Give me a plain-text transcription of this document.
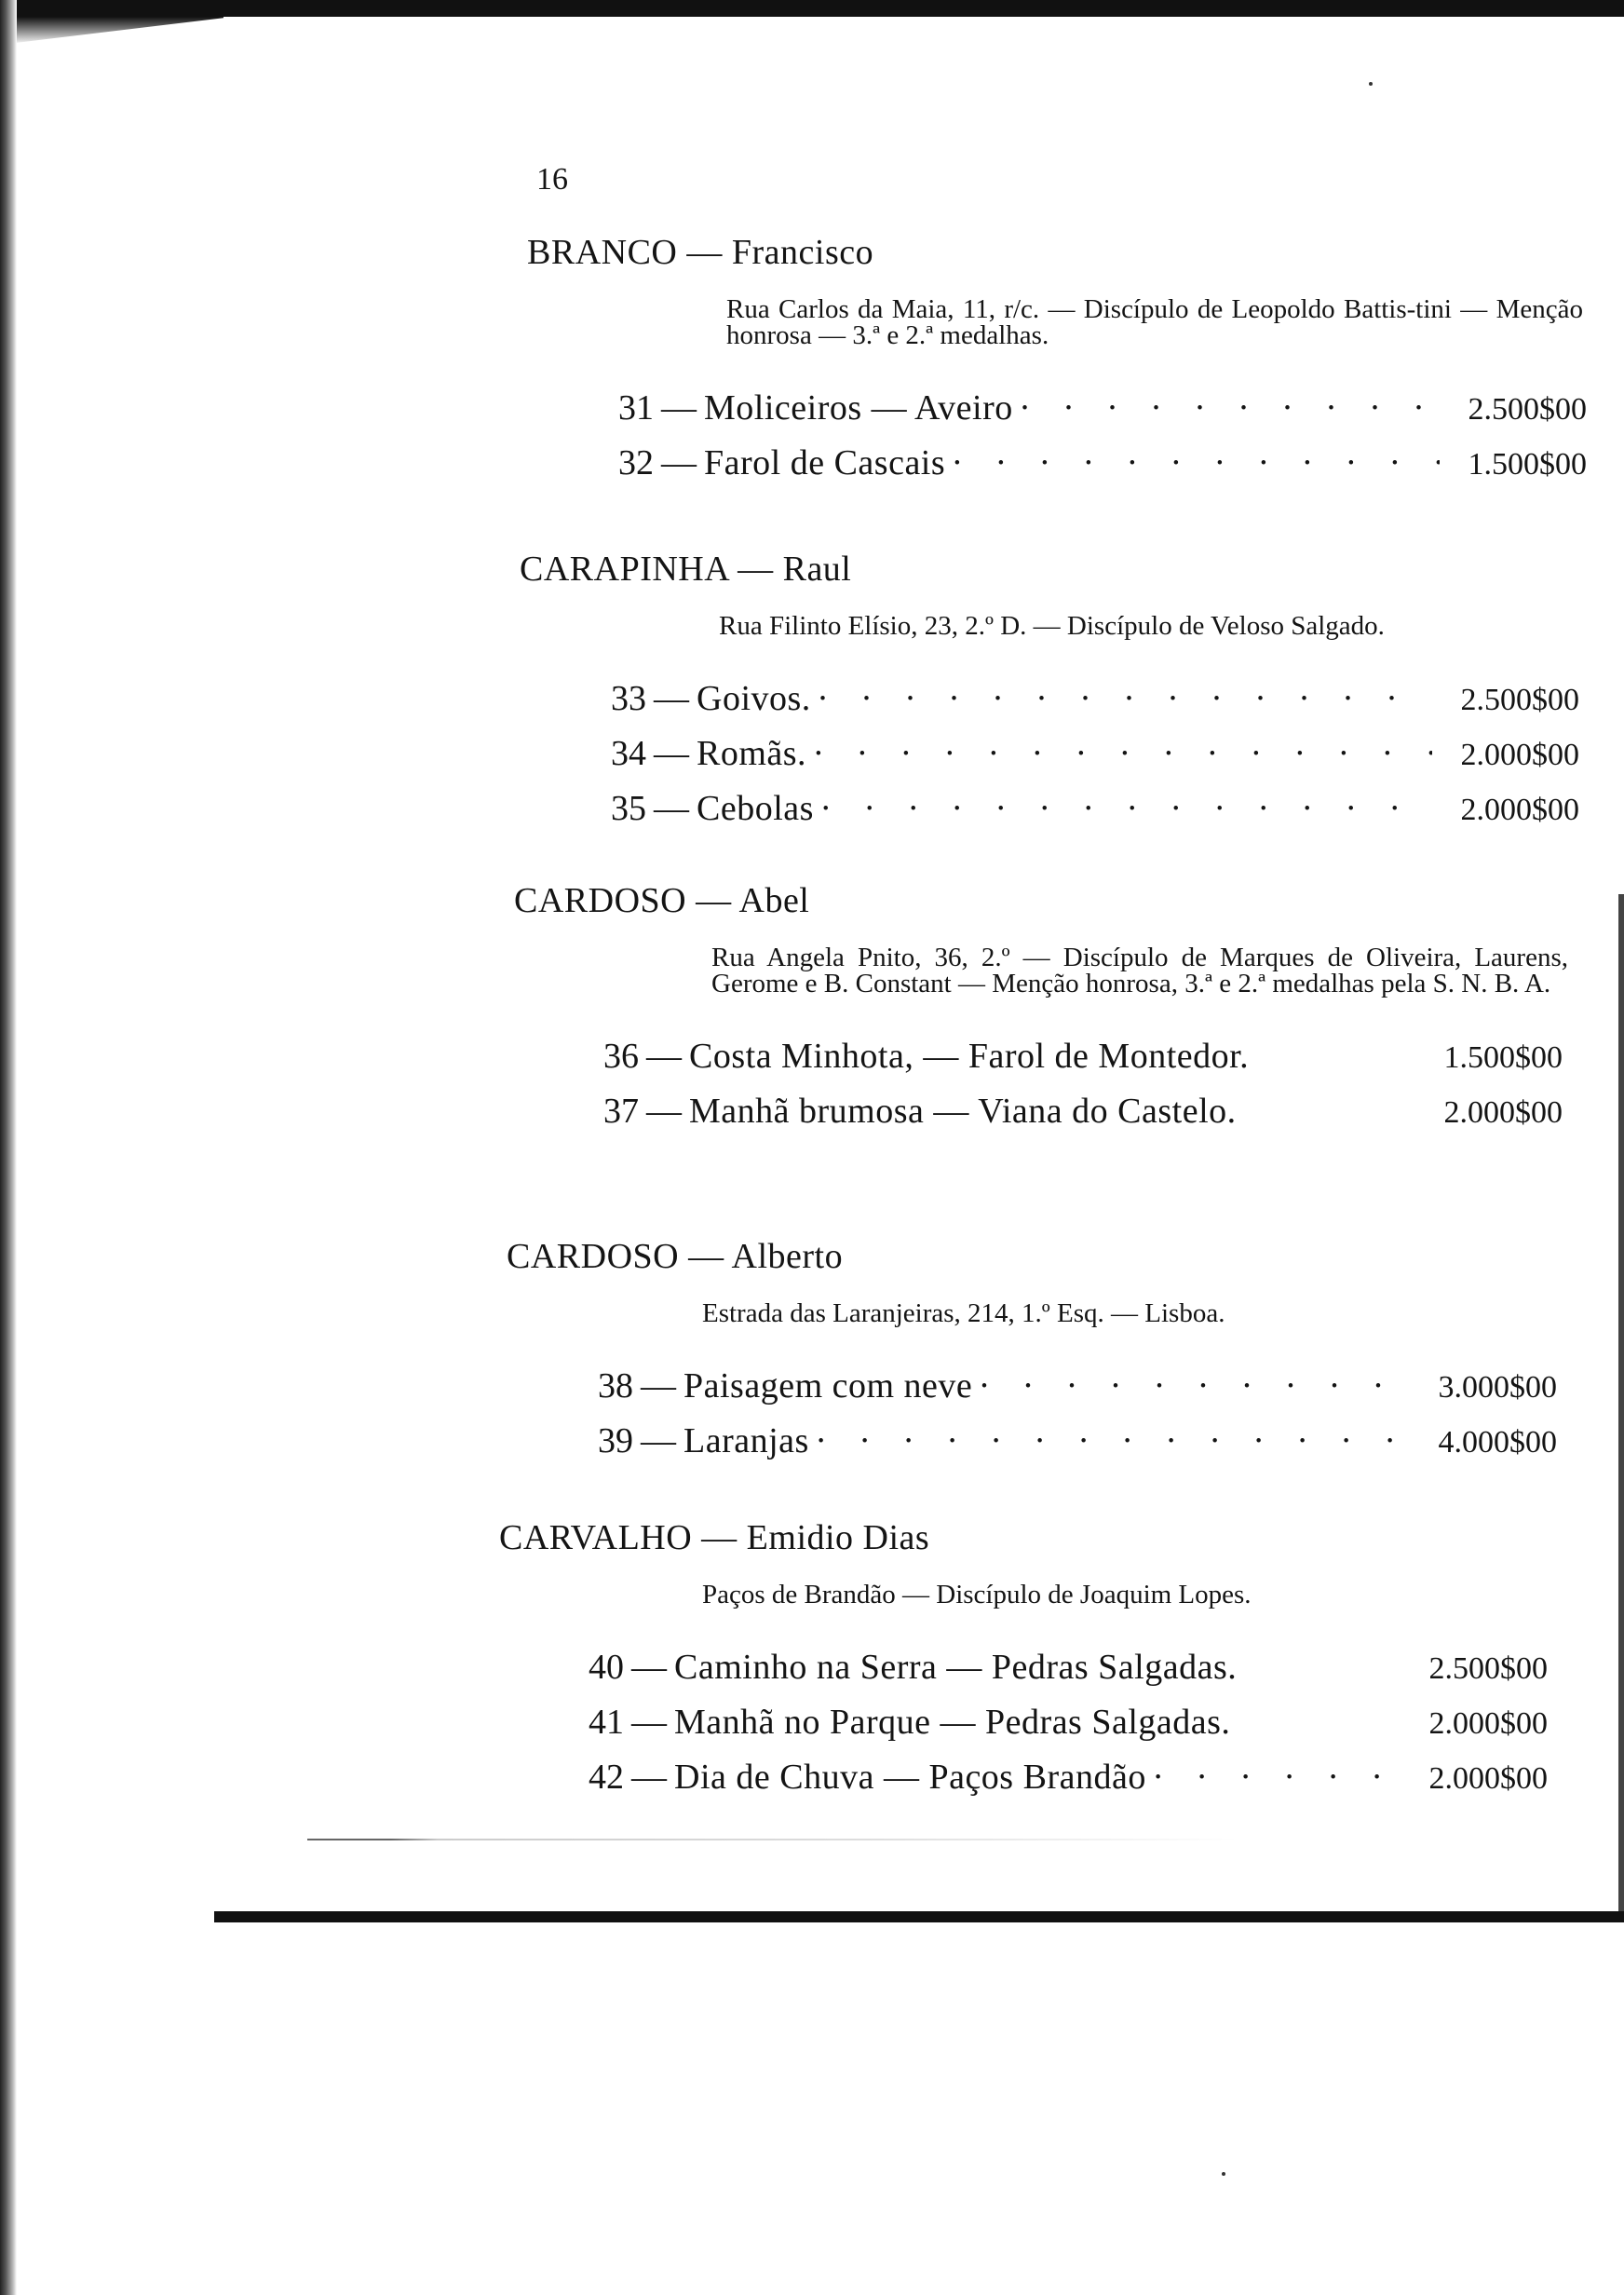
16
BRANCO — Francisco
Rua Carlos da Maia, 11, r/c. — Discípulo de Leopoldo Battis-tini — Menção honrosa — 3.ª e 2.ª medalhas.
31 — Moliceiros — Aveiro . . .	2.500$00
32 — Farol de Cascais . . .	1.500$00
CARAPINHA — Raul
Rua Filinto Elísio, 23, 2.º D. — Discípulo de Veloso Salgado.
33 — Goivos. . . .	2.500$00
34 — Romãs. . . .	2.000$00
35 — Cebolas . . .	2.000$00
CARDOSO — Abel
Rua Angela Pnito, 36, 2.º — Discípulo de Marques de Oliveira, Laurens, Gerome e B. Constant — Menção honrosa, 3.ª e 2.ª medalhas pela S. N. B. A.
36 — Costa Minhota, — Farol de Montedor.	1.500$00
37 — Manhã brumosa — Viana do Castelo.	2.000$00
CARDOSO — Alberto
Estrada das Laranjeiras, 214, 1.º Esq. — Lisboa.
38 — Paisagem com neve . . .	3.000$00
39 — Laranjas . . .	4.000$00
CARVALHO — Emidio Dias
Paços de Brandão — Discípulo de Joaquim Lopes.
40 — Caminho na Serra — Pedras Salgadas.	2.500$00
41 — Manhã no Parque — Pedras Salgadas.	2.000$00
42 — Dia de Chuva — Paços Brandão . . .	2.000$00
